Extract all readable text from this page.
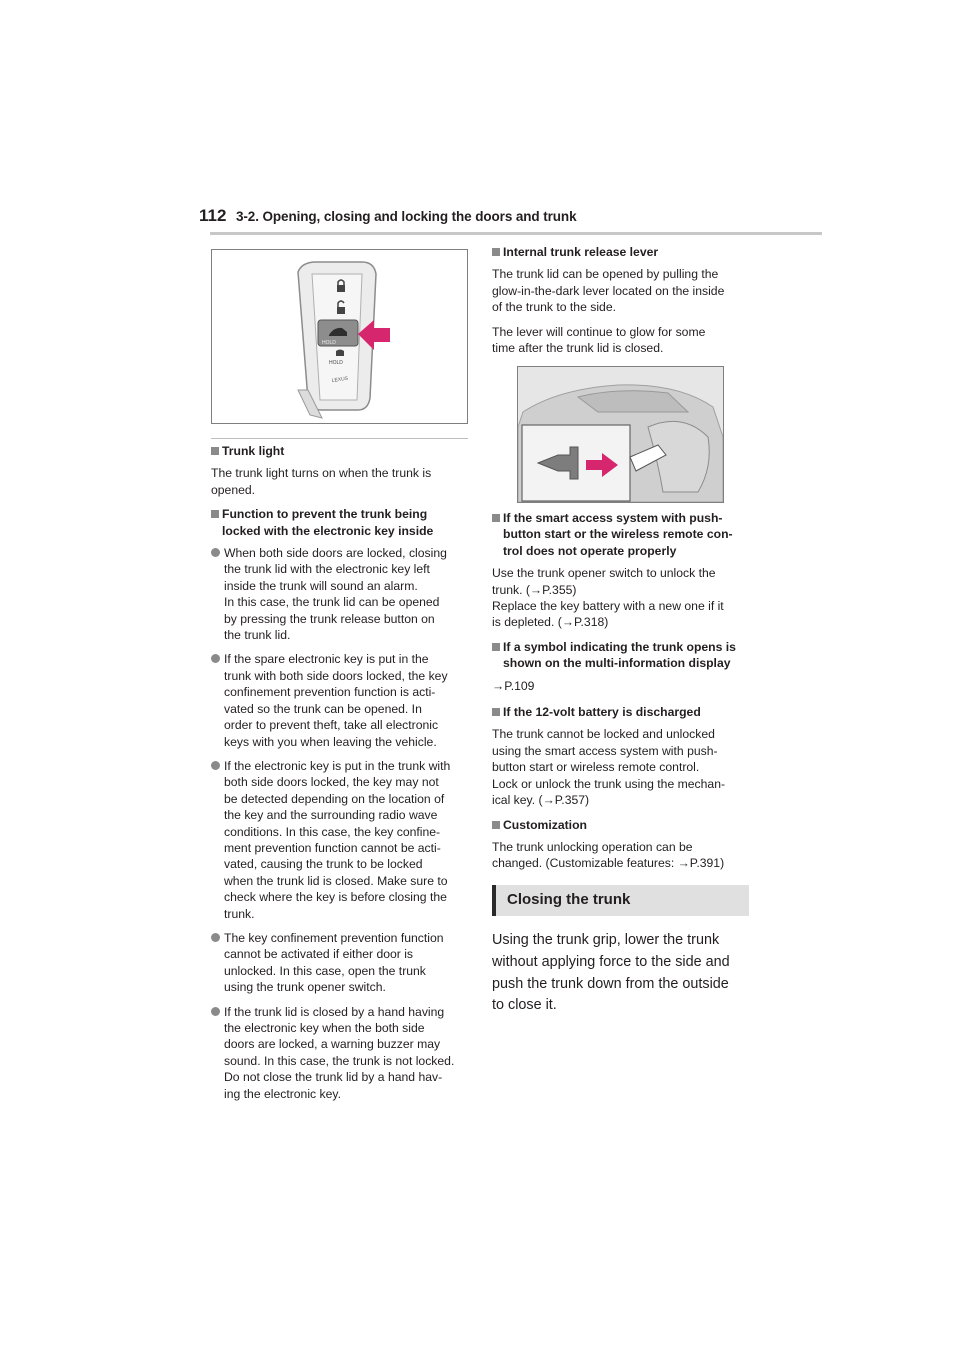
112 3-2. Opening, closing and locking the doors and trunk
HOLD
HOLD
LEXUS
Trunk light

The trunk light turns on when the trunk is
opened.

Function to prevent the trunk being
locked with the electronic key inside
When both side doors are locked, closing
the trunk lid with the electronic key left
inside the trunk will sound an alarm.
In this case, the trunk lid can be opened
by pressing the trunk release button on
the trunk lid.
If the spare electronic key is put in the
trunk with both side doors locked, the key
confinement prevention function is acti-
vated so the trunk can be opened. In
order to prevent theft, take all electronic
keys with you when leaving the vehicle.
If the electronic key is put in the trunk with
both side doors locked, the key may not
be detected depending on the location of
the key and the surrounding radio wave
conditions. In this case, the key confine-
ment prevention function cannot be acti-
vated, causing the trunk to be locked
when the trunk lid is closed. Make sure to
check where the key is before closing the
trunk.
The key confinement prevention function
cannot be activated if either door is
unlocked. In this case, open the trunk
using the trunk opener switch.
If the trunk lid is closed by a hand having
the electronic key when the both side
doors are locked, a warning buzzer may
sound. In this case, the trunk is not locked.
Do not close the trunk lid by a hand hav-
ing the electronic key.
Internal trunk release lever

The trunk lid can be opened by pulling the
glow-in-the-dark lever located on the inside
of the trunk to the side.

The lever will continue to glow for some
time after the trunk lid is closed.

If the smart access system with push-
button start or the wireless remote con-
trol does not operate properly

Use the trunk opener switch to unlock the
trunk. (→P.355)
Replace the key battery with a new one if it
is depleted. (→P.318)

If a symbol indicating the trunk opens is
shown on the multi-information display

→P.109

If the 12-volt battery is discharged

The trunk cannot be locked and unlocked
using the smart access system with push-
button start or wireless remote control.
Lock or unlock the trunk using the mechan-
ical key. (→P.357)

Customization

The trunk unlocking operation can be
changed. (Customizable features: →P.391)

Closing the trunk
Using the trunk grip, lower the trunk
without applying force to the side and
push the trunk down from the outside
to close it.
